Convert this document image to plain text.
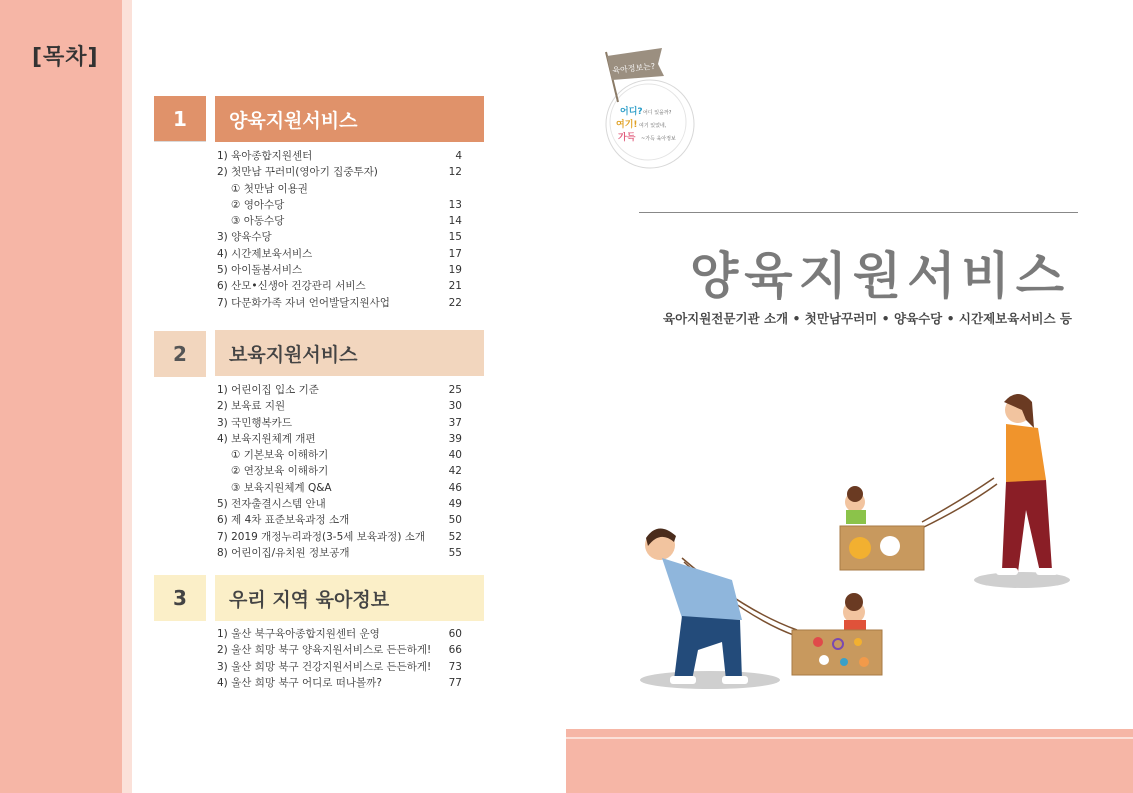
[목차]
1	양육지원서비스
1) 육아종합지원센터	4
2) 첫만남 꾸러미(영아기 집중투자)	12
① 첫만남 이용권
② 영아수당	13
③ 아동수당	14
3) 양육수당	15
4) 시간제보육서비스	17
5) 아이돌봄서비스	19
6) 산모•신생아 건강관리 서비스	21
7) 다문화가족 자녀 언어발달지원사업	22
2	보육지원서비스
1) 어린이집 입소 기준	25
2) 보육료 지원	30
3) 국민행복카드	37
4) 보육지원체계 개편	39
① 기본보육 이해하기	40
② 연장보육 이해하기	42
③ 보육지원체계 Q&A	46
5) 전자출결시스템 안내	49
6) 제 4차 표준보육과정 소개	50
7) 2019 개정누리과정(3-5세 보육과정) 소개	52
8) 어린이집/유치원 정보공개	55
3	우리 지역 육아정보
1) 울산 북구육아종합지원센터 운영	60
2) 울산 희망 북구 양육지원서비스로 든든하게!	66
3) 울산 희망 북구 건강지원서비스로 든든하게!	73
4) 울산 희망 북구 어디로 떠나볼까?	77
육아정보는?
어디? 어디 있을까?
여기! 여기 있었네,
가득 ~가득 육아정보
양육지원서비스
육아지원전문기관 소개 • 첫만남꾸러미 • 양육수당 • 시간제보육서비스 등
